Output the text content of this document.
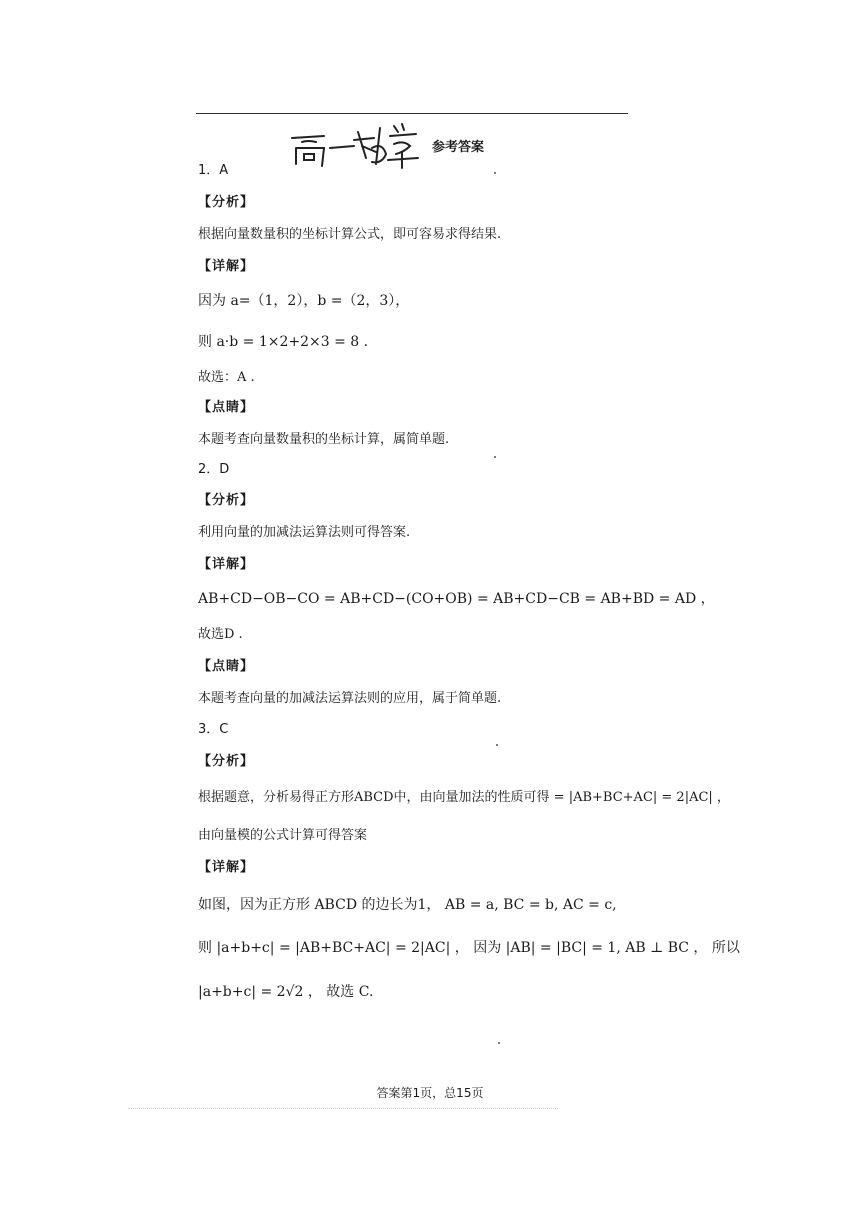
参考答案
1．A
【分析】
根据向量数量积的坐标计算公式，即可容易求得结果.
【详解】
因为 a=（1，2），b =（2，3），
则 a·b = 1×2+2×3 = 8 .
故选：A .
【点睛】
本题考查向量数量积的坐标计算，属简单题.
2．D
【分析】
利用向量的加减法运算法则可得答案.
【详解】
AB+CD−OB−CO = AB+CD−(CO+OB) = AB+CD−CB = AB+BD = AD ，
故选D .
【点睛】
本题考查向量的加减法运算法则的应用，属于简单题.
3．C
【分析】
根据题意，分析易得正方形ABCD中，由向量加法的性质可得 = |AB+BC+AC| = 2|AC| ，
由向量模的公式计算可得答案
【详解】
如图，因为正方形 ABCD 的边长为1， AB = a, BC = b, AC = c,
则 |a+b+c| = |AB+BC+AC| = 2|AC| ， 因为 |AB| = |BC| = 1, AB ⊥ BC ， 所以
|a+b+c| = 2√2 ， 故选 C.
答案第1页，总15页
